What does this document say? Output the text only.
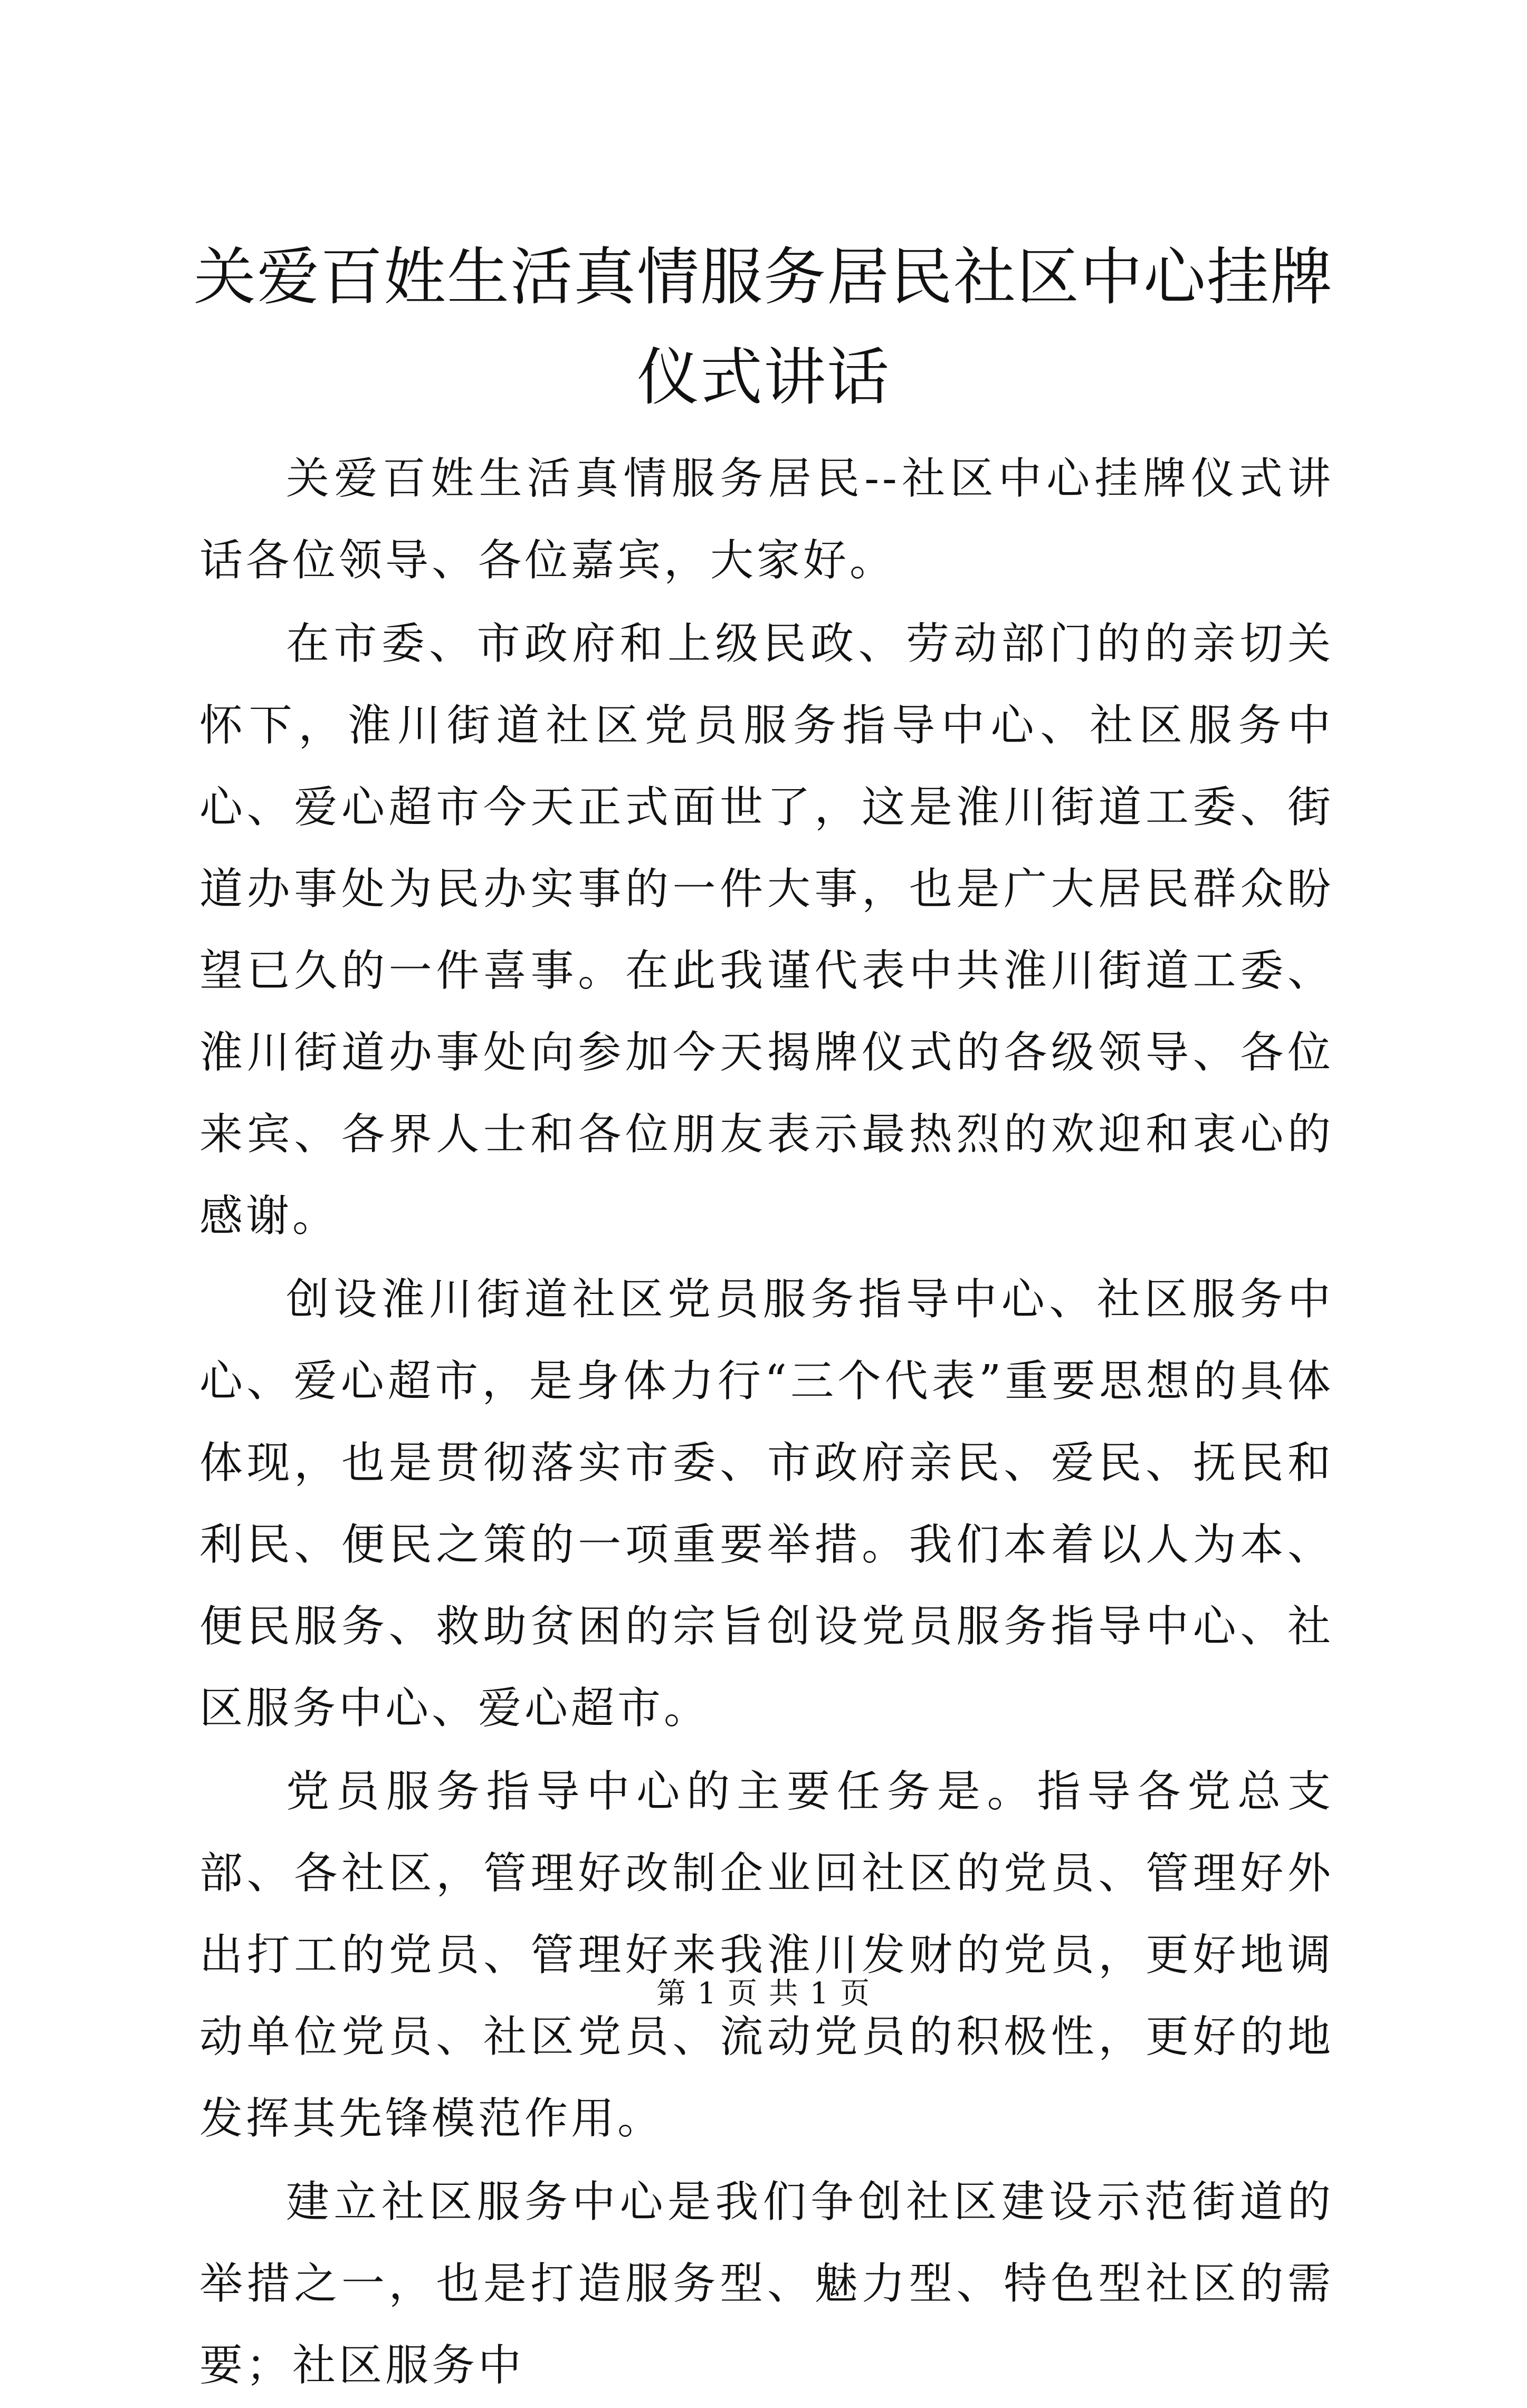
关爱百姓生活真情服务居民社区中心挂牌仪式讲话

关爱百姓生活真情服务居民--社区中心挂牌仪式讲话各位领导、各位嘉宾，大家好。

在市委、市政府和上级民政、劳动部门的的亲切关怀下，淮川街道社区党员服务指导中心、社区服务中心、爱心超市今天正式面世了，这是淮川街道工委、街道办事处为民办实事的一件大事，也是广大居民群众盼望已久的一件喜事。在此我谨代表中共淮川街道工委、淮川街道办事处向参加今天揭牌仪式的各级领导、各位来宾、各界人士和各位朋友表示最热烈的欢迎和衷心的感谢。

创设淮川街道社区党员服务指导中心、社区服务中心、爱心超市，是身体力行“三个代表”重要思想的具体体现，也是贯彻落实市委、市政府亲民、爱民、抚民和利民、便民之策的一项重要举措。我们本着以人为本、便民服务、救助贫困的宗旨创设党员服务指导中心、社区服务中心、爱心超市。

党员服务指导中心的主要任务是。指导各党总支部、各社区，管理好改制企业回社区的党员、管理好外出打工的党员、管理好来我淮川发财的党员，更好地调动单位党员、社区党员、流动党员的积极性，更好的地发挥其先锋模范作用。

建立社区服务中心是我们争创社区建设示范街道的举措之一，也是打造服务型、魅力型、特色型社区的需要；社区服务中

第 1 页 共 1 页
